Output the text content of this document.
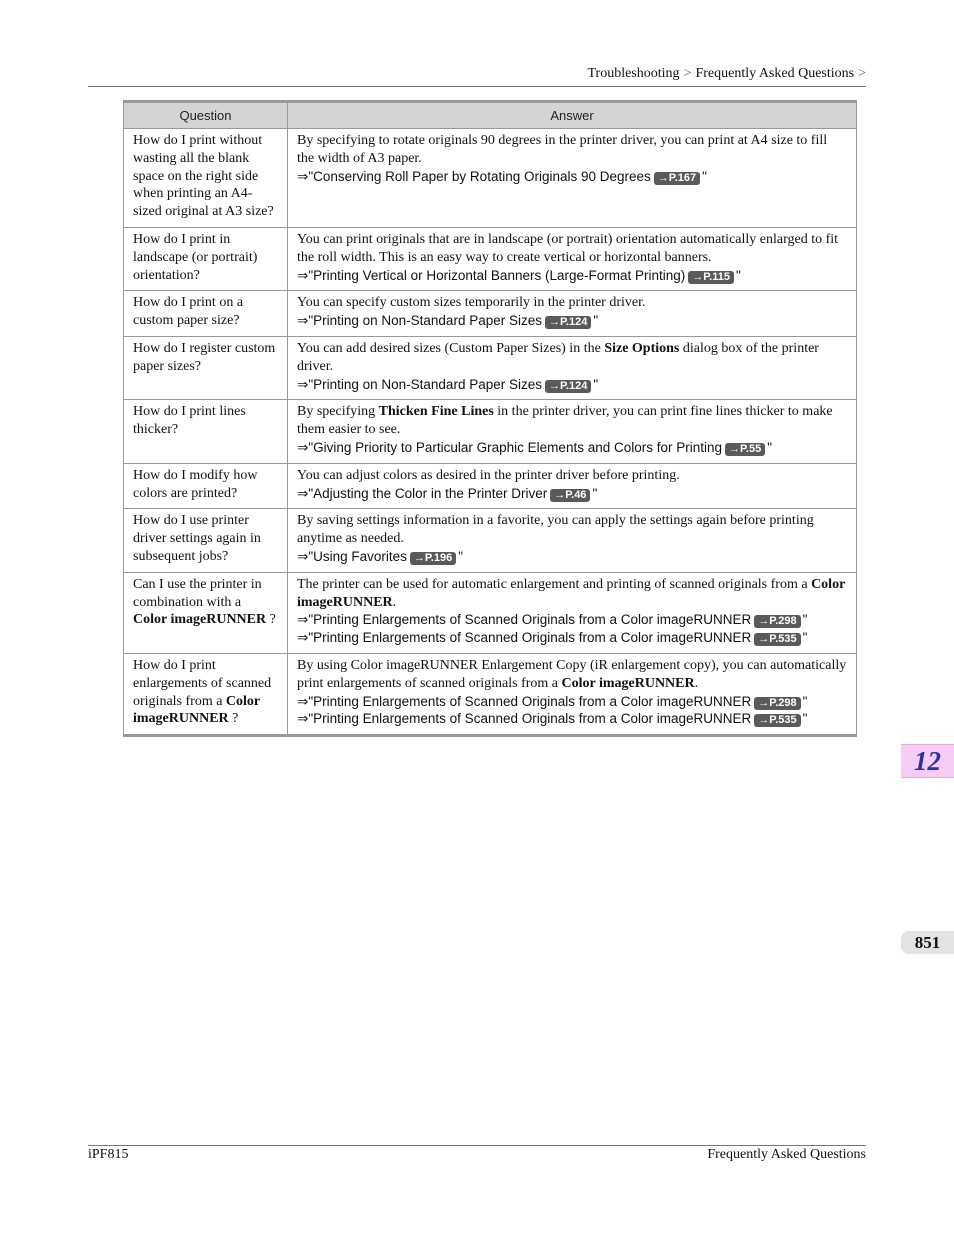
Troubleshooting > Frequently Asked Questions >
Question	Answer
How do I print without wasting all the blank space on the right side when printing an A4-sized original at A3 size?	By specifying to rotate originals 90 degrees in the printer driver, you can print at A4 size to fill the width of A3 paper.
⇒"Conserving Roll Paper by Rotating Originals 90 Degrees →P.167 "

How do I print in landscape (or portrait) orientation?	You can print originals that are in landscape (or portrait) orientation automatically enlarged to fit the roll width. This is an easy way to create vertical or horizontal banners.
⇒"Printing Vertical or Horizontal Banners (Large-Format Printing) →P.115 "

How do I print on a custom paper size?	You can specify custom sizes temporarily in the printer driver.
⇒"Printing on Non-Standard Paper Sizes →P.124 "

How do I register custom paper sizes?	You can add desired sizes (Custom Paper Sizes) in the Size Options dialog box of the printer driver.
⇒"Printing on Non-Standard Paper Sizes →P.124 "

How do I print lines thicker?	By specifying Thicken Fine Lines in the printer driver, you can print fine lines thicker to make them easier to see.
⇒"Giving Priority to Particular Graphic Elements and Colors for Printing →P.55 "

How do I modify how colors are printed?	You can adjust colors as desired in the printer driver before printing.
⇒"Adjusting the Color in the Printer Driver →P.46 "

How do I use printer driver settings again in subsequent jobs?	By saving settings information in a favorite, you can apply the settings again before printing anytime as needed.
⇒"Using Favorites →P.196 "

Can I use the printer in combination with a Color imageRUNNER ?	The printer can be used for automatic enlargement and printing of scanned originals from a Color imageRUNNER.
⇒"Printing Enlargements of Scanned Originals from a Color imageRUNNER →P.298 "
⇒"Printing Enlargements of Scanned Originals from a Color imageRUNNER →P.535 "

How do I print enlargements of scanned originals from a Color imageRUNNER ?	By using Color imageRUNNER Enlargement Copy (iR enlargement copy), you can automatically print enlargements of scanned originals from a Color imageRUNNER.
⇒"Printing Enlargements of Scanned Originals from a Color imageRUNNER →P.298 "
⇒"Printing Enlargements of Scanned Originals from a Color imageRUNNER →P.535 "
12
851
iPF815	Frequently Asked Questions
